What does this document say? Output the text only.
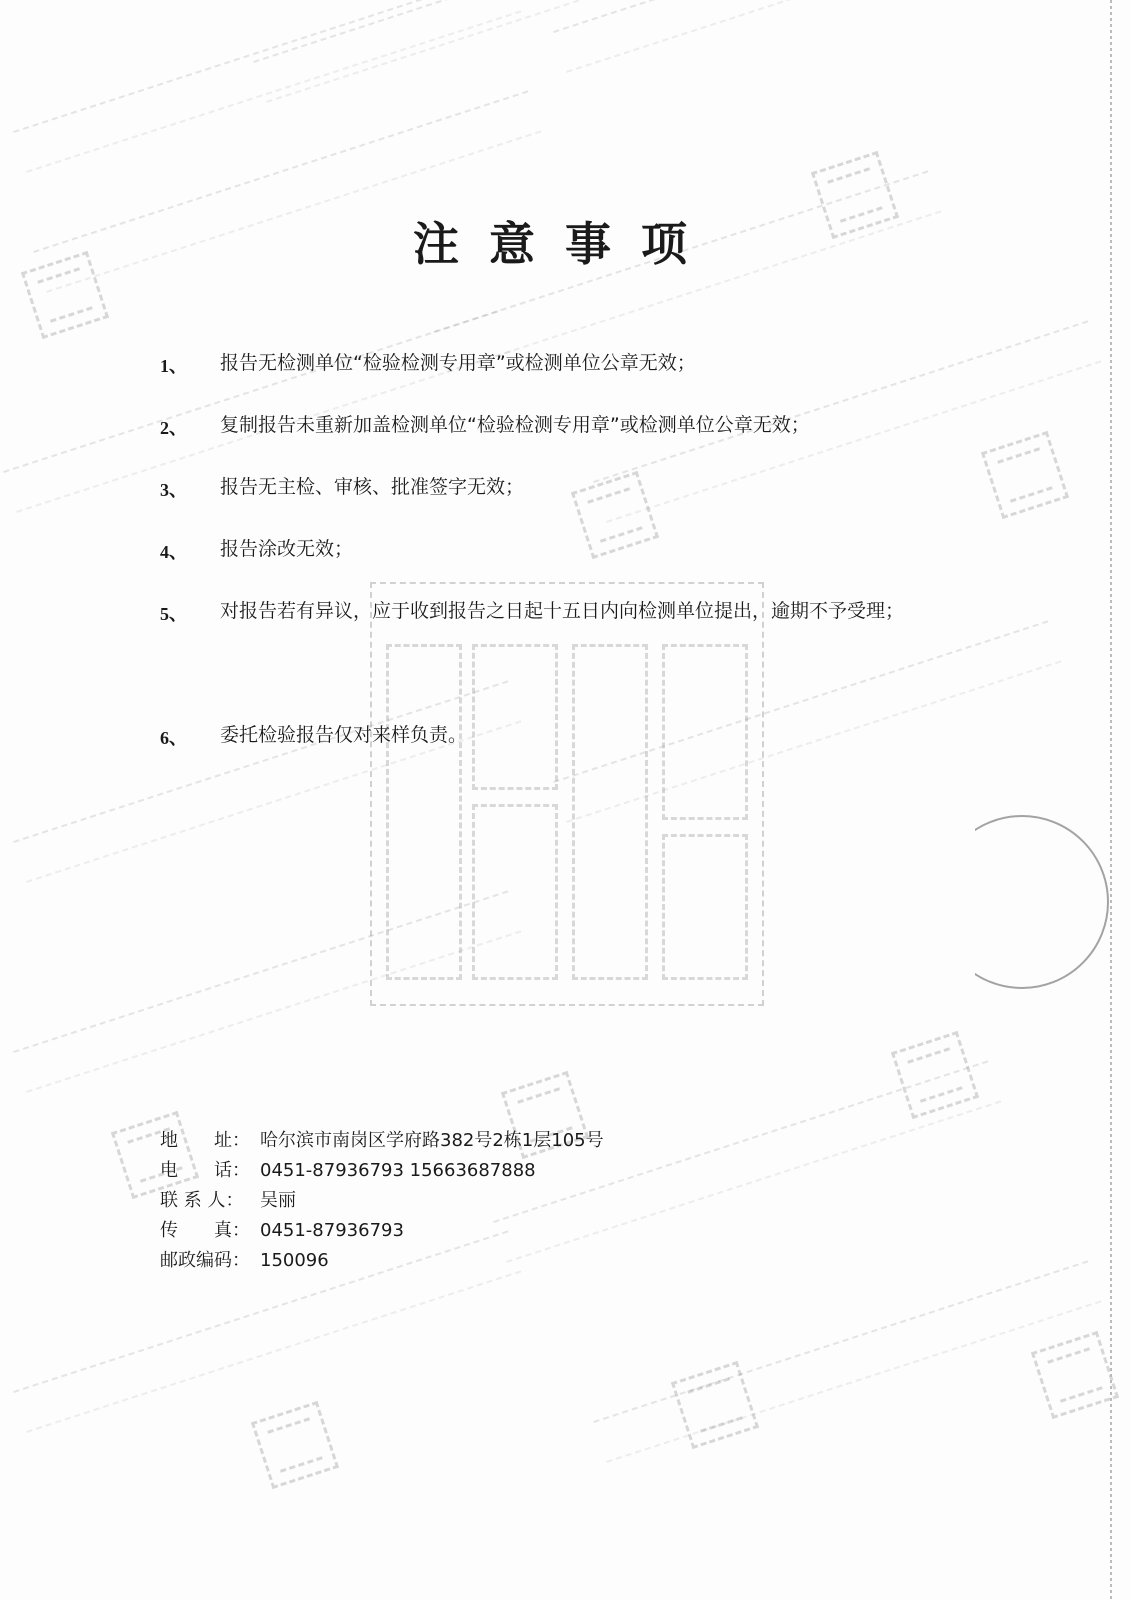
注意事项
1、	报告无检测单位“检验检测专用章”或检测单位公章无效；
2、	复制报告未重新加盖检测单位“检验检测专用章”或检测单位公章无效；
3、	报告无主检、审核、批准签字无效；
4、	报告涂改无效；
5、	对报告若有异议，应于收到报告之日起十五日内向检测单位提出，逾期不予受理；
6、	委托检验报告仅对来样负责。
地　　址： 哈尔滨市南岗区学府路382号2栋1层105号
电　　话： 0451-87936793 15663687888
联 系 人： 吴丽
传　　真： 0451-87936793
邮政编码： 150096
